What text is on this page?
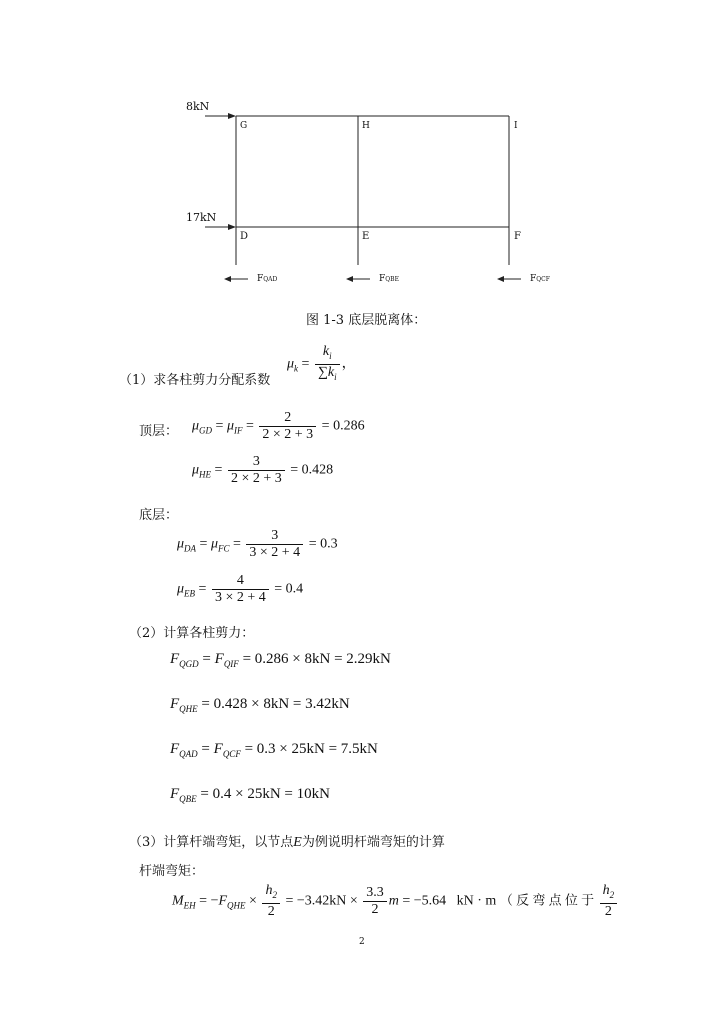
8kN
17kN
G	H	I
D	E	F
FQAD	FQBE	FQCF
图 1-3 底层脱离体：
（1）求各柱剪力分配系数
$\mu_k = \frac{k_i}{\sum k_i}$ ，
顶层： $\mu_{GD} = \mu_{IF} = \frac{2}{2 \times 2 + 3} = 0.286$
$\mu_{HE} = \frac{3}{2 \times 2 + 3} = 0.428$
底层：
$\mu_{DA} = \mu_{FC} = \frac{3}{3 \times 2 + 4} = 0.3$
$\mu_{EB} = \frac{4}{3 \times 2 + 4} = 0.4$
（2）计算各柱剪力：
$F_{QGD} = F_{QIF} = 0.286 \times 8kN = 2.29kN$
$F_{QHE} = 0.428 \times 8kN = 3.42kN$
$F_{QAD} = F_{QCF} = 0.3 \times 25kN = 7.5kN$
$F_{QBE} = 0.4 \times 25kN = 10kN$
（3）计算杆端弯矩，以节点E为例说明杆端弯矩的计算
杆端弯矩：
$M_{EH} = -F_{QHE} \times \frac{h_2}{2} = -3.42kN \times \frac{3.3}{2}$ m = −5.64 kN · m （ 反 弯 点 位 于 $\frac{h_2}{2}$
2
